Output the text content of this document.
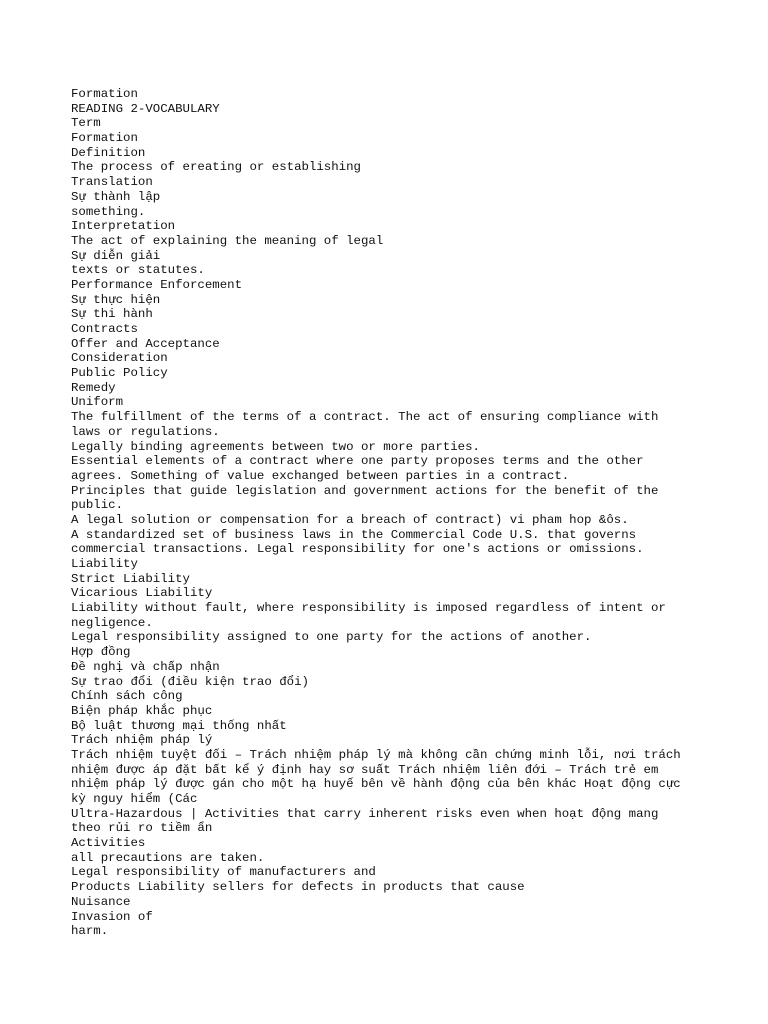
Formation
READING 2-VOCABULARY
Term
Formation
Definition
The process of ereating or establishing
Translation
Sự thành lập
something.
Interpretation
The act of explaining the meaning of legal
Sự diễn giải
texts or statutes.
Performance Enforcement
Sự thực hiện
Sự thi hành
Contracts
Offer and Acceptance
Consideration
Public Policy
Remedy
Uniform
The fulfillment of the terms of a contract. The act of ensuring compliance with
laws or regulations.
Legally binding agreements between two or more parties.
Essential elements of a contract where one party proposes terms and the other
agrees. Something of value exchanged between parties in a contract.
Principles that guide legislation and government actions for the benefit of the
public.
A legal solution or compensation for a breach of contract) vi pham hop &ôs.
A standardized set of business laws in the Commercial Code U.S. that governs
commercial transactions. Legal responsibility for one's actions or omissions.
Liability
Strict Liability
Vicarious Liability
Liability without fault, where responsibility is imposed regardless of intent or
negligence.
Legal responsibility assigned to one party for the actions of another.
Hợp đồng
Đề nghị và chấp nhận
Sự trao đổi (điều kiện trao đổi)
Chính sách công
Biện pháp khắc phục
Bộ luật thương mại thống nhất
Trách nhiệm pháp lý
Trách nhiệm tuyệt đối – Trách nhiệm pháp lý mà không cần chứng minh lỗi, nơi trách
nhiệm được áp đặt bất kể ý định hay sơ suất Trách nhiệm liên đới – Trách trẻ em
nhiệm pháp lý được gán cho một hạ huyế bên về hành động của bên khác Hoạt động cực
kỳ nguy hiểm (Các
Ultra-Hazardous | Activities that carry inherent risks even when hoạt động mang
theo rủi ro tiềm ẩn
Activities
all precautions are taken.
Legal responsibility of manufacturers and
Products Liability sellers for defects in products that cause
Nuisance
Invasion of
harm.
